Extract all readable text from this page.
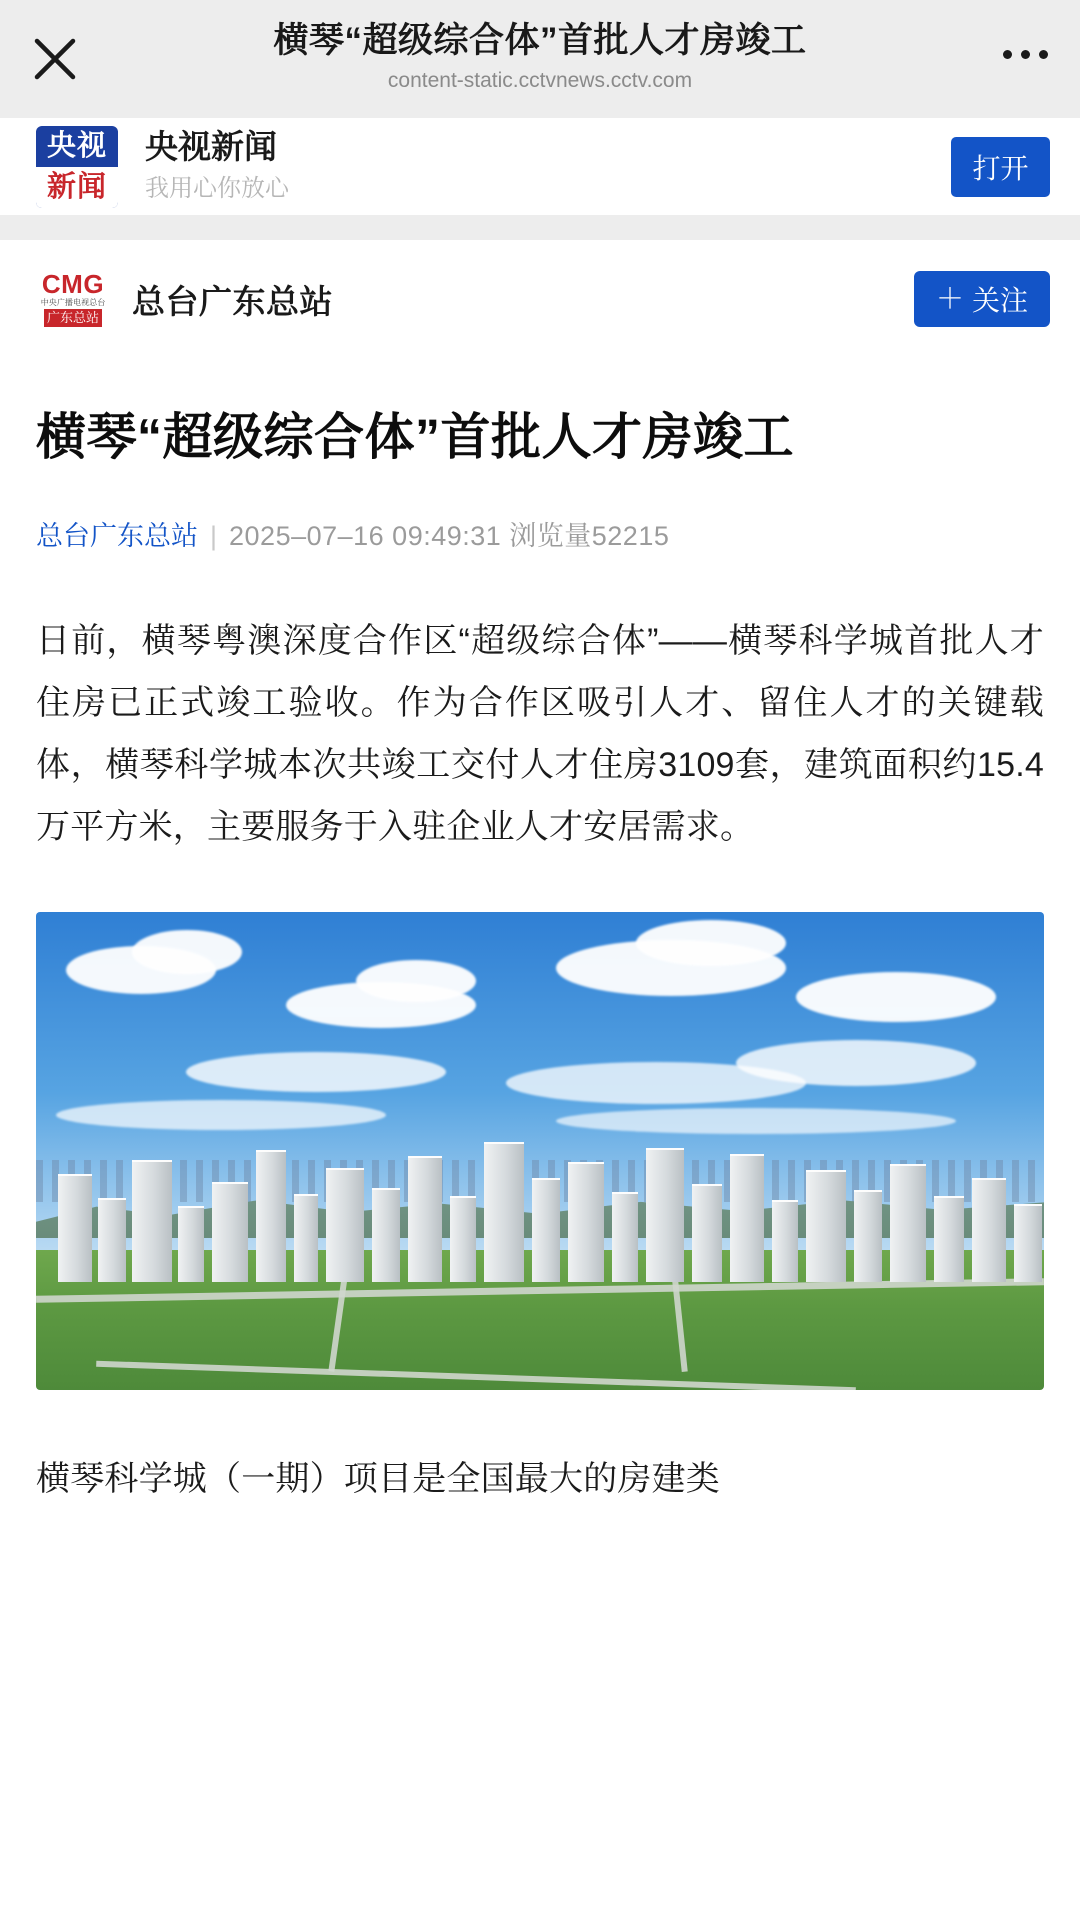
横琴“超级综合体”首批人才房竣工
content-static.cctvnews.cctv.com
央视
新闻
央视新闻
我用心你放心
打开
CMG
中央广播电视总台
广东总站 总台广东总站	＋ 关注
横琴“超级综合体”首批人才房竣工
总台广东总站 | 2025–07–16 09:49:31 浏览量52215

日前，横琴粤澳深度合作区“超级综合体”——横琴科学城首批人才住房已正式竣工验收。作为合作区吸引人才、留住人才的关键载体，横琴科学城本次共竣工交付人才住房3109套，建筑面积约15.4万平方米，主要服务于入驻企业人才安居需求。

横琴科学城（一期）项目是全国最大的房建类
